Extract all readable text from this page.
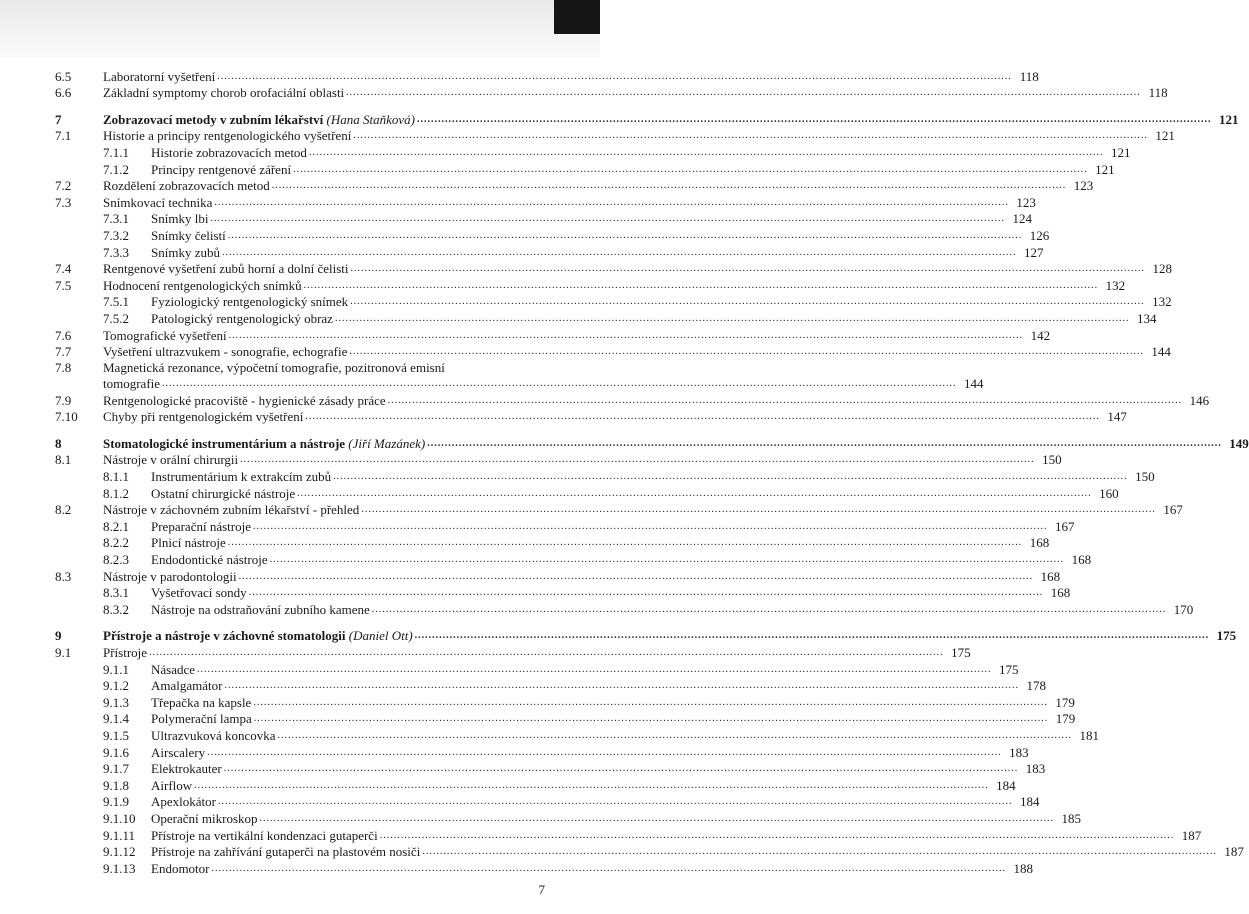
6.5	Laboratorní vyšetření .....	118
6.6	Základní symptomy chorob orofaciální oblasti .....	118
7	Zobrazovací metody v zubním lékařství
(Hana Staňková) .....	121
7.1	Historie a principy rentgenologického vyšetření .....	121
7.1.1	Historie zobrazovacích metod .....	121
7.1.2	Principy rentgenové záření .....	121
7.2	Rozdělení zobrazovacích metod .....	123
7.3	Snímkovací technika .....	123
7.3.1	Snímky lbi .....	124
7.3.2	Snímky čelistí .....	126
7.3.3	Snímky zubů .....	127
7.4	Rentgenové vyšetření zubů horní a dolní čelisti .....	128
7.5	Hodnocení rentgenologických snímků .....	132
7.5.1	Fyziologický rentgenologický snímek .....	132
7.5.2	Patologický rentgenologický obraz .....	134
7.6	Tomografické vyšetření .....	142
7.7	Vyšetření ultrazvukem - sonografie, echografie .....	144
7.8	Magnetická rezonance, výpočetní tomografie, pozitronová emisní
tomografie .....	144
7.9	Rentgenologické pracoviště - hygienické zásady práce .....	146
7.10	Chyby při rentgenologickém vyšetření .....	147
8	Stomatologické instrumentárium a nástroje
(Jiří Mazánek) .....	149
8.1	Nástroje v orální chirurgii .....	150
8.1.1	Instrumentárium k extrakcím zubů .....	150
8.1.2	Ostatní chirurgické nástroje .....	160
8.2	Nástroje v záchovném zubním lékařství - přehled .....	167
8.2.1	Preparační nástroje .....	167
8.2.2	Plnicí nástroje .....	168
8.2.3	Endodontické nástroje .....	168
8.3	Nástroje v parodontologii .....	168
8.3.1	Vyšetřovací sondy .....	168
8.3.2	Nástroje na odstraňování zubního kamene .....	170
9	Přístroje a nástroje v záchovné stomatologii
(Daniel Ott) .....	175
9.1	Přístroje .....	175
9.1.1	Násadce .....	175
9.1.2	Amalgamátor .....	178
9.1.3	Třepačka na kapsle .....	179
9.1.4	Polymerační lampa .....	179
9.1.5	Ultrazvuková koncovka .....	181
9.1.6	Airscalery .....	183
9.1.7	Elektrokauter .....	183
9.1.8	Airflow .....	184
9.1.9	Apexlokátor .....	184
9.1.10	Operační mikroskop .....	185
9.1.11	Přístroje na vertikální kondenzaci gutaperči .....	187
9.1.12	Přístroje na zahřívání gutaperči na plastovém nosiči .....	187
9.1.13	Endomotor .....	188
7
